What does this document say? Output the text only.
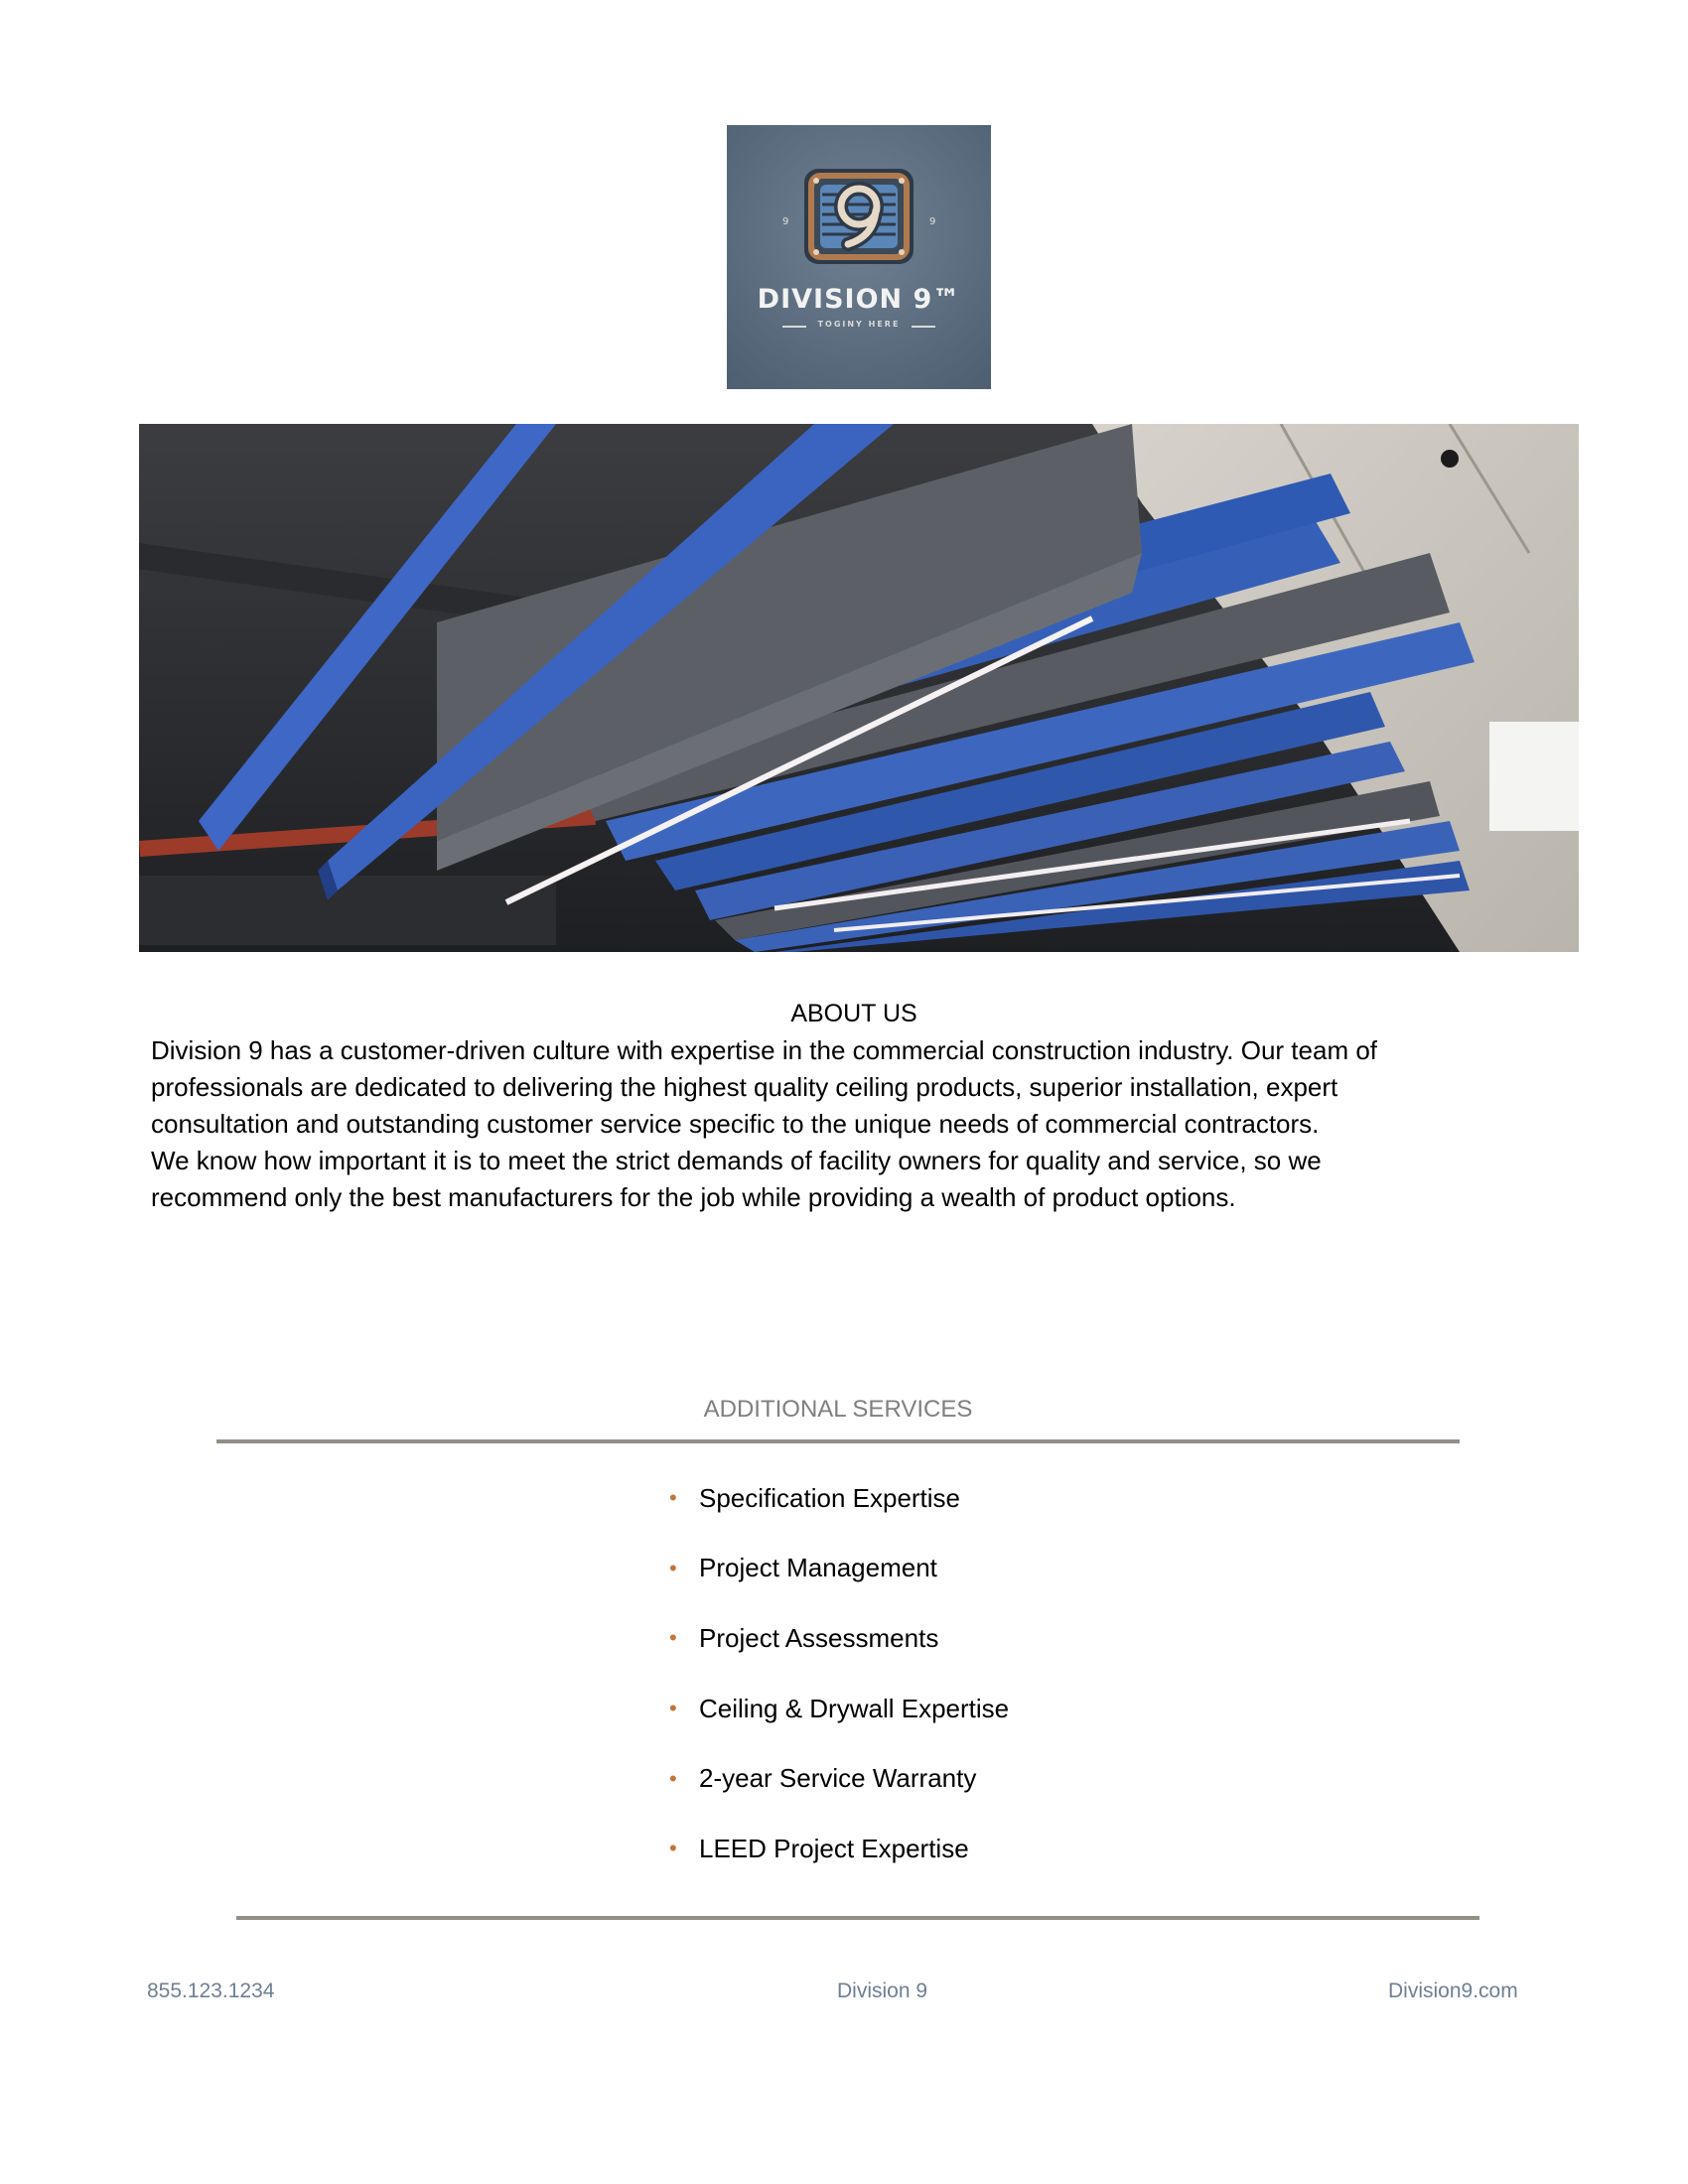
9	9
DIVISION 9™
TOGINY HERE
ABOUT US
Division 9 has a customer-driven culture with expertise in the commercial construction industry. Our team of
professionals are dedicated to delivering the highest quality ceiling products, superior installation, expert
consultation and outstanding customer service specific to the unique needs of commercial contractors.
We know how important it is to meet the strict demands of facility owners for quality and service, so we
recommend only the best manufacturers for the job while providing a wealth of product options.
ADDITIONAL SERVICES
• Specification Expertise
• Project Management
• Project Assessments
• Ceiling & Drywall Expertise
• 2-year Service Warranty
• LEED Project Expertise
855.123.1234	Division 9	Division9.com
